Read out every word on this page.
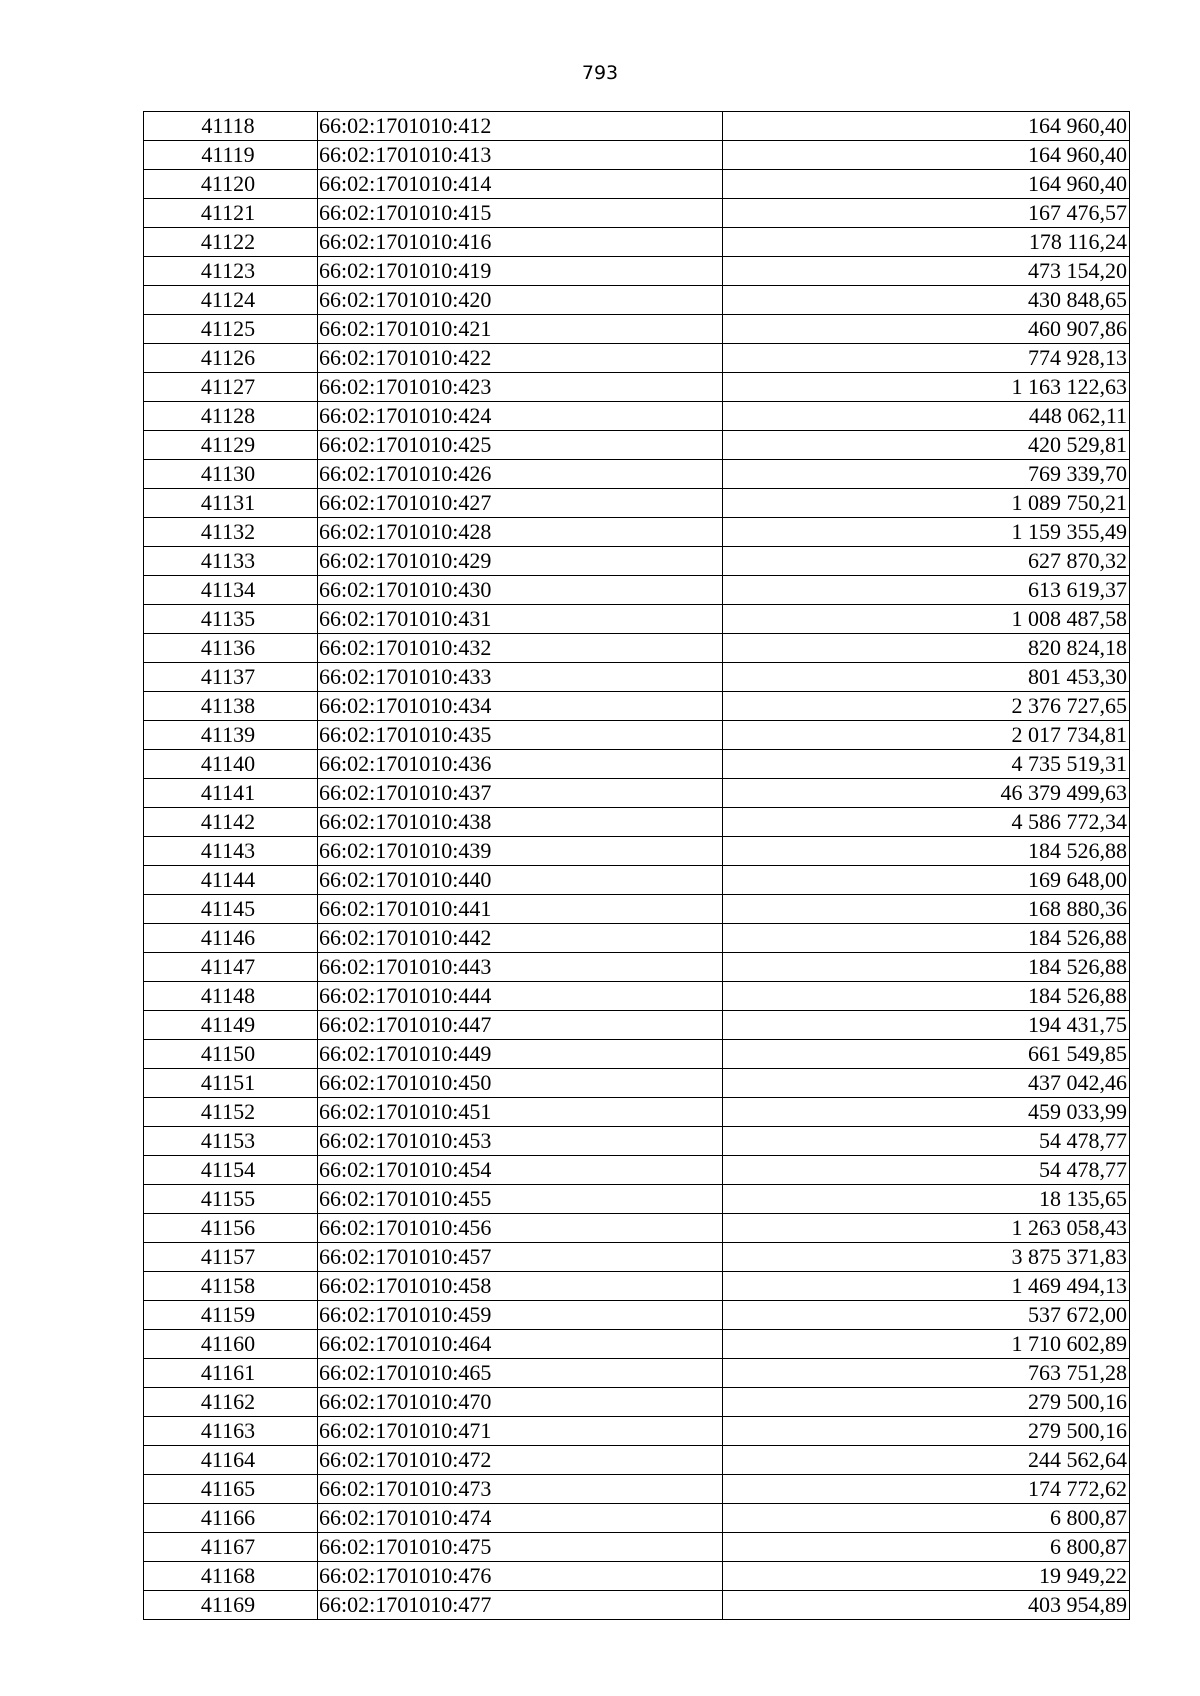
793
41118	66:02:1701010:412	164 960,40
41119	66:02:1701010:413	164 960,40
41120	66:02:1701010:414	164 960,40
41121	66:02:1701010:415	167 476,57
41122	66:02:1701010:416	178 116,24
41123	66:02:1701010:419	473 154,20
41124	66:02:1701010:420	430 848,65
41125	66:02:1701010:421	460 907,86
41126	66:02:1701010:422	774 928,13
41127	66:02:1701010:423	1 163 122,63
41128	66:02:1701010:424	448 062,11
41129	66:02:1701010:425	420 529,81
41130	66:02:1701010:426	769 339,70
41131	66:02:1701010:427	1 089 750,21
41132	66:02:1701010:428	1 159 355,49
41133	66:02:1701010:429	627 870,32
41134	66:02:1701010:430	613 619,37
41135	66:02:1701010:431	1 008 487,58
41136	66:02:1701010:432	820 824,18
41137	66:02:1701010:433	801 453,30
41138	66:02:1701010:434	2 376 727,65
41139	66:02:1701010:435	2 017 734,81
41140	66:02:1701010:436	4 735 519,31
41141	66:02:1701010:437	46 379 499,63
41142	66:02:1701010:438	4 586 772,34
41143	66:02:1701010:439	184 526,88
41144	66:02:1701010:440	169 648,00
41145	66:02:1701010:441	168 880,36
41146	66:02:1701010:442	184 526,88
41147	66:02:1701010:443	184 526,88
41148	66:02:1701010:444	184 526,88
41149	66:02:1701010:447	194 431,75
41150	66:02:1701010:449	661 549,85
41151	66:02:1701010:450	437 042,46
41152	66:02:1701010:451	459 033,99
41153	66:02:1701010:453	54 478,77
41154	66:02:1701010:454	54 478,77
41155	66:02:1701010:455	18 135,65
41156	66:02:1701010:456	1 263 058,43
41157	66:02:1701010:457	3 875 371,83
41158	66:02:1701010:458	1 469 494,13
41159	66:02:1701010:459	537 672,00
41160	66:02:1701010:464	1 710 602,89
41161	66:02:1701010:465	763 751,28
41162	66:02:1701010:470	279 500,16
41163	66:02:1701010:471	279 500,16
41164	66:02:1701010:472	244 562,64
41165	66:02:1701010:473	174 772,62
41166	66:02:1701010:474	6 800,87
41167	66:02:1701010:475	6 800,87
41168	66:02:1701010:476	19 949,22
41169	66:02:1701010:477	403 954,89
